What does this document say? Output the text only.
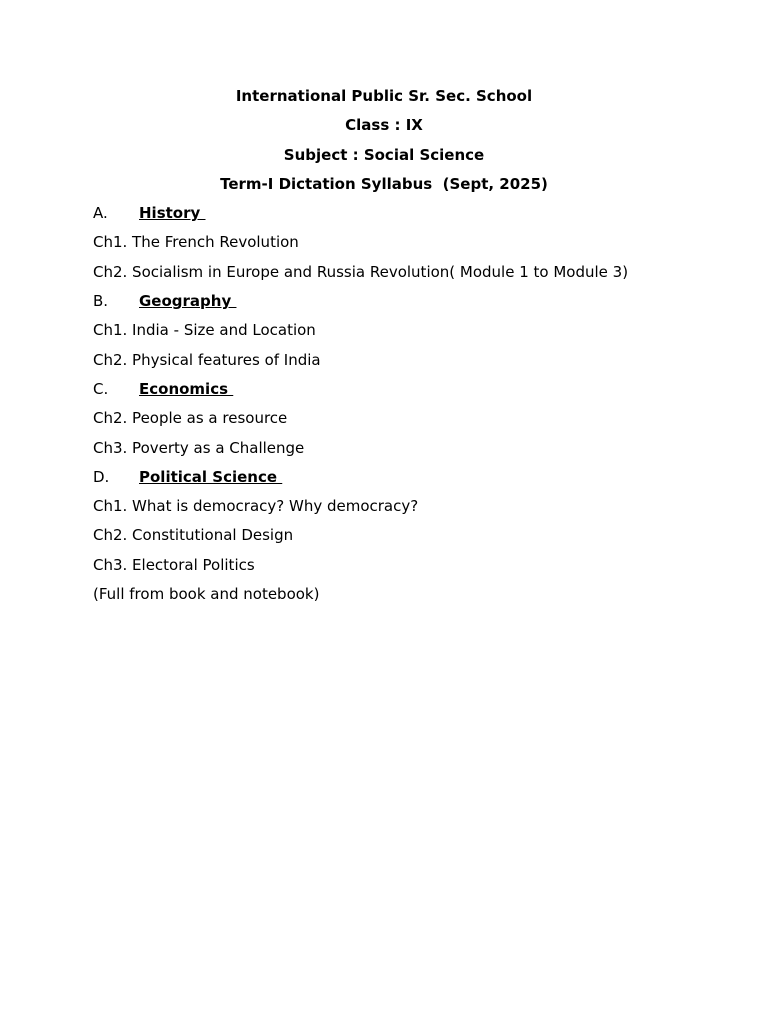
International Public Sr. Sec. School
Class : IX
Subject : Social Science
Term-I Dictation Syllabus  (Sept, 2025)
A.	History
Ch1. The French Revolution
Ch2. Socialism in Europe and Russia Revolution( Module 1 to Module 3)
B.	Geography
Ch1. India - Size and Location
Ch2. Physical features of India
C.	Economics
Ch2. People as a resource
Ch3. Poverty as a Challenge
D.	Political Science
Ch1. What is democracy? Why democracy?
Ch2. Constitutional Design
Ch3. Electoral Politics
(Full from book and notebook)
